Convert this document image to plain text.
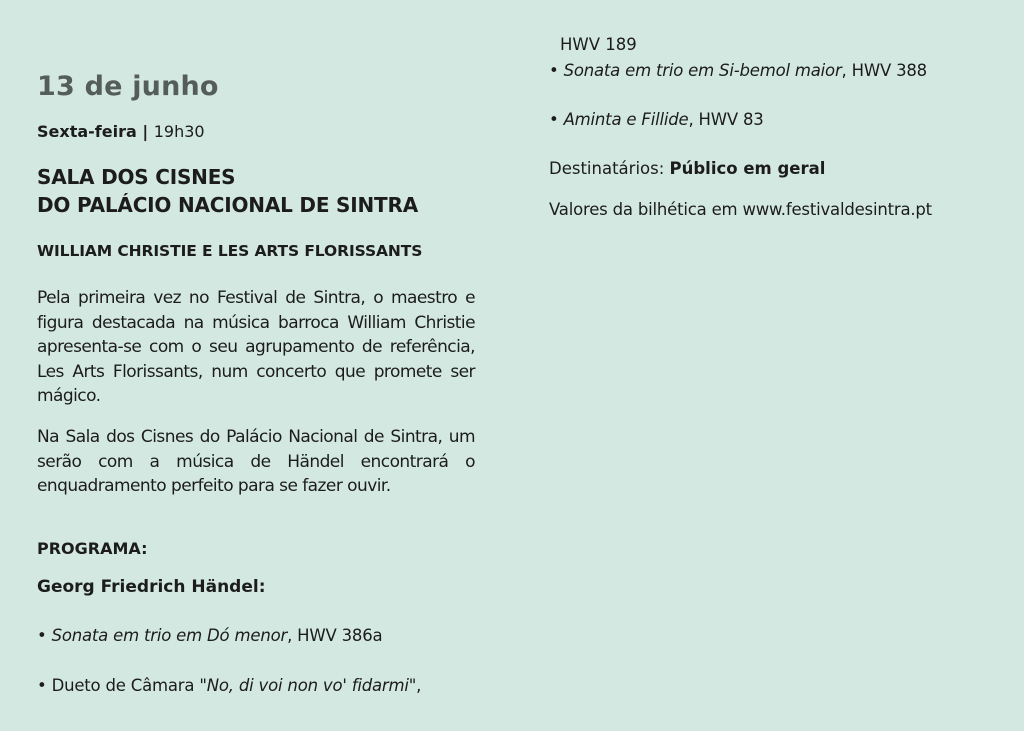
13 de junho
Sexta-feira | 19h30
SALA DOS CISNES
DO PALÁCIO NACIONAL DE SINTRA
WILLIAM CHRISTIE E LES ARTS FLORISSANTS

Pela primeira vez no Festival de Sintra, o maestro e figura destacada na música barroca William Christie apresenta-se com o seu agrupamento de referência, Les Arts Florissants, num concerto que promete ser mágico.

Na Sala dos Cisnes do Palácio Nacional de Sintra, um serão com a música de Händel encontrará o enquadramento perfeito para se fazer ouvir.

PROGRAMA:
Georg Friedrich Händel:
• Sonata em trio em Dó menor, HWV 386a
• Dueto de Câmara "No, di voi non vo' fidarmi",
HWV 189
• Sonata em trio em Si-bemol maior, HWV 388
• Aminta e Fillide, HWV 83
Destinatários: Público em geral
Valores da bilhética em www.festivaldesintra.pt
